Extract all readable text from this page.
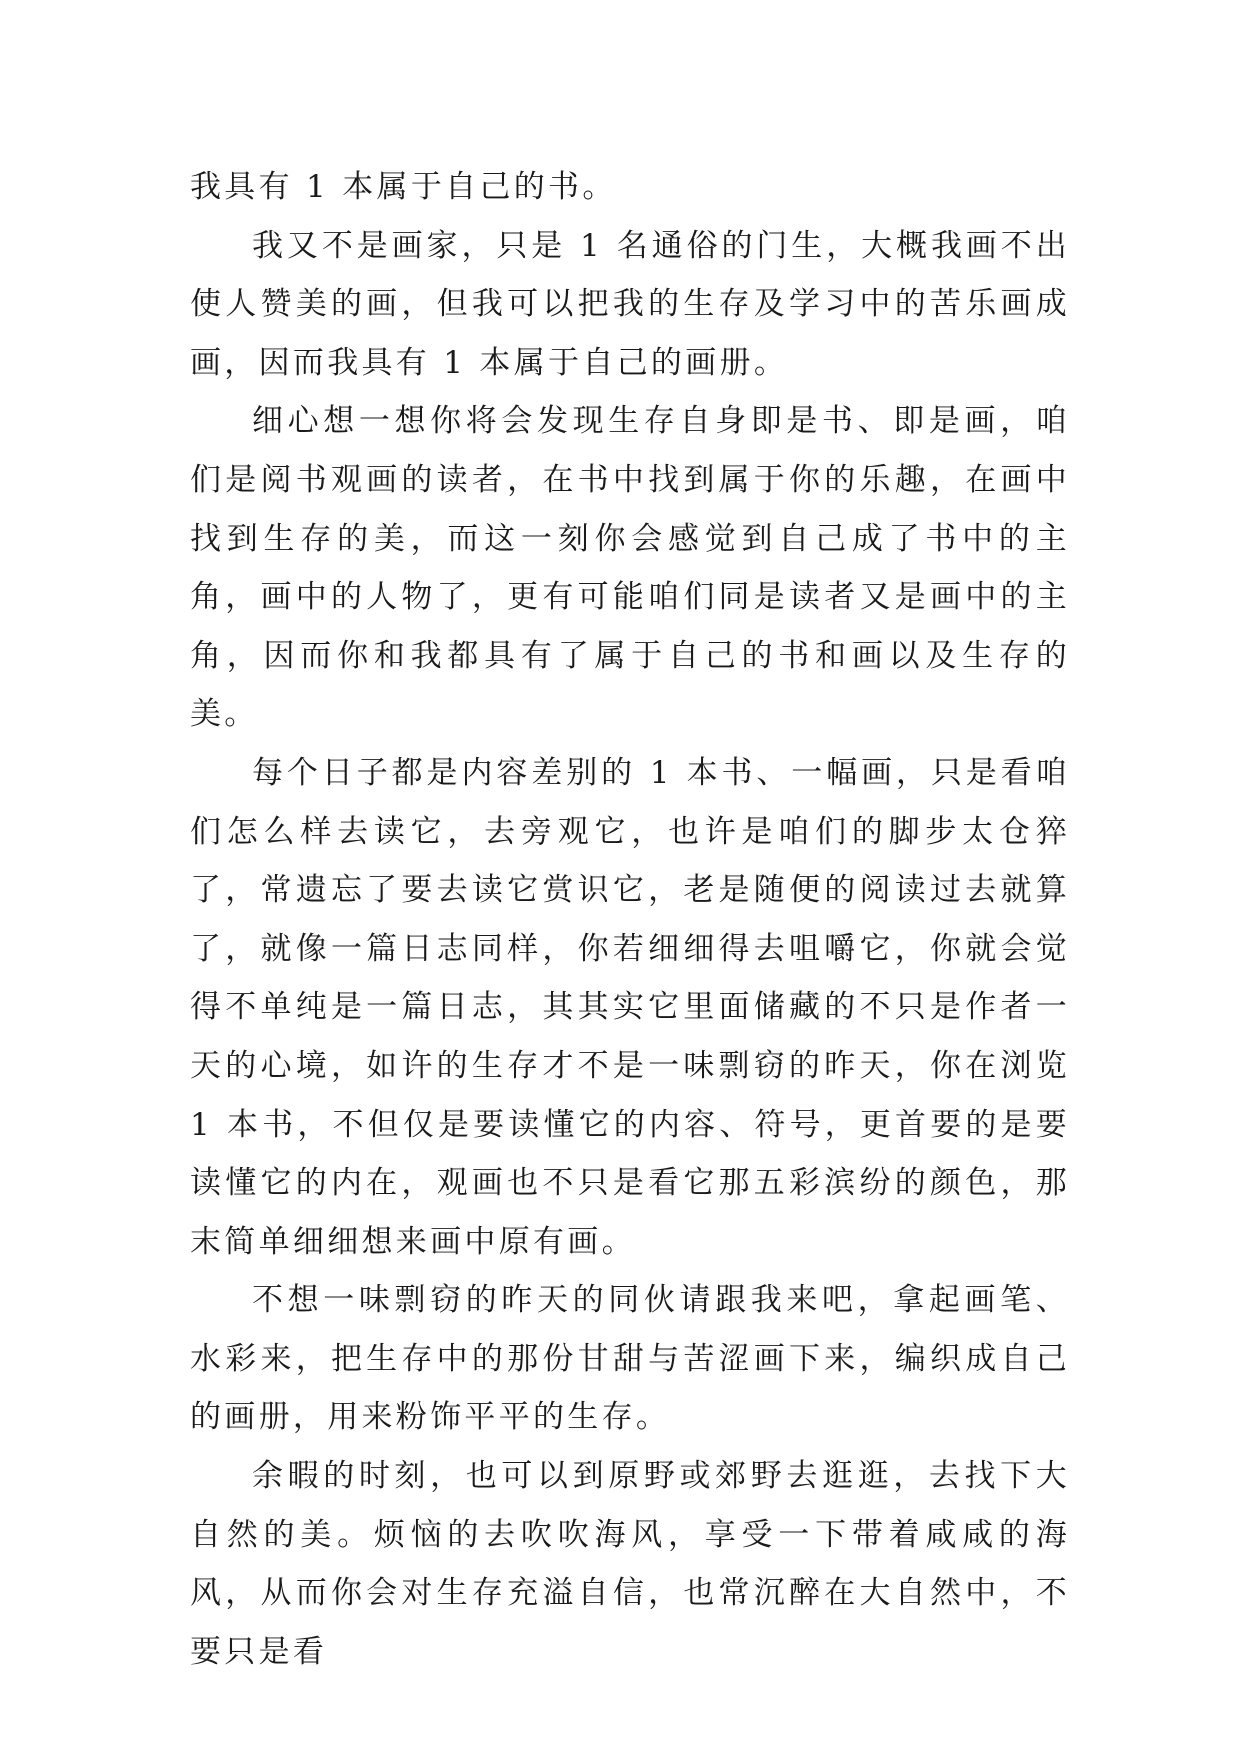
我具有 1 本属于自己的书。

我又不是画家，只是 1 名通俗的门生，大概我画不出使人赞美的画，但我可以把我的生存及学习中的苦乐画成画，因而我具有 1 本属于自己的画册。

细心想一想你将会发现生存自身即是书、即是画，咱们是阅书观画的读者，在书中找到属于你的乐趣，在画中找到生存的美，而这一刻你会感觉到自己成了书中的主角，画中的人物了，更有可能咱们同是读者又是画中的主角，因而你和我都具有了属于自己的书和画以及生存的美。

每个日子都是内容差别的 1 本书、一幅画，只是看咱们怎么样去读它，去旁观它，也许是咱们的脚步太仓猝了，常遗忘了要去读它赏识它，老是随便的阅读过去就算了，就像一篇日志同样，你若细细得去咀嚼它，你就会觉得不单纯是一篇日志，其其实它里面储藏的不只是作者一天的心境，如许的生存才不是一味剽窃的昨天，你在浏览 1 本书，不但仅是要读懂它的内容、符号，更首要的是要读懂它的内在，观画也不只是看它那五彩滨纷的颜色，那末简单细细想来画中原有画。

不想一味剽窃的昨天的同伙请跟我来吧，拿起画笔、水彩来，把生存中的那份甘甜与苦涩画下来，编织成自己的画册，用来粉饰平平的生存。

余暇的时刻，也可以到原野或郊野去逛逛，去找下大自然的美。烦恼的去吹吹海风，享受一下带着咸咸的海风，从而你会对生存充溢自信，也常沉醉在大自然中，不要只是看
